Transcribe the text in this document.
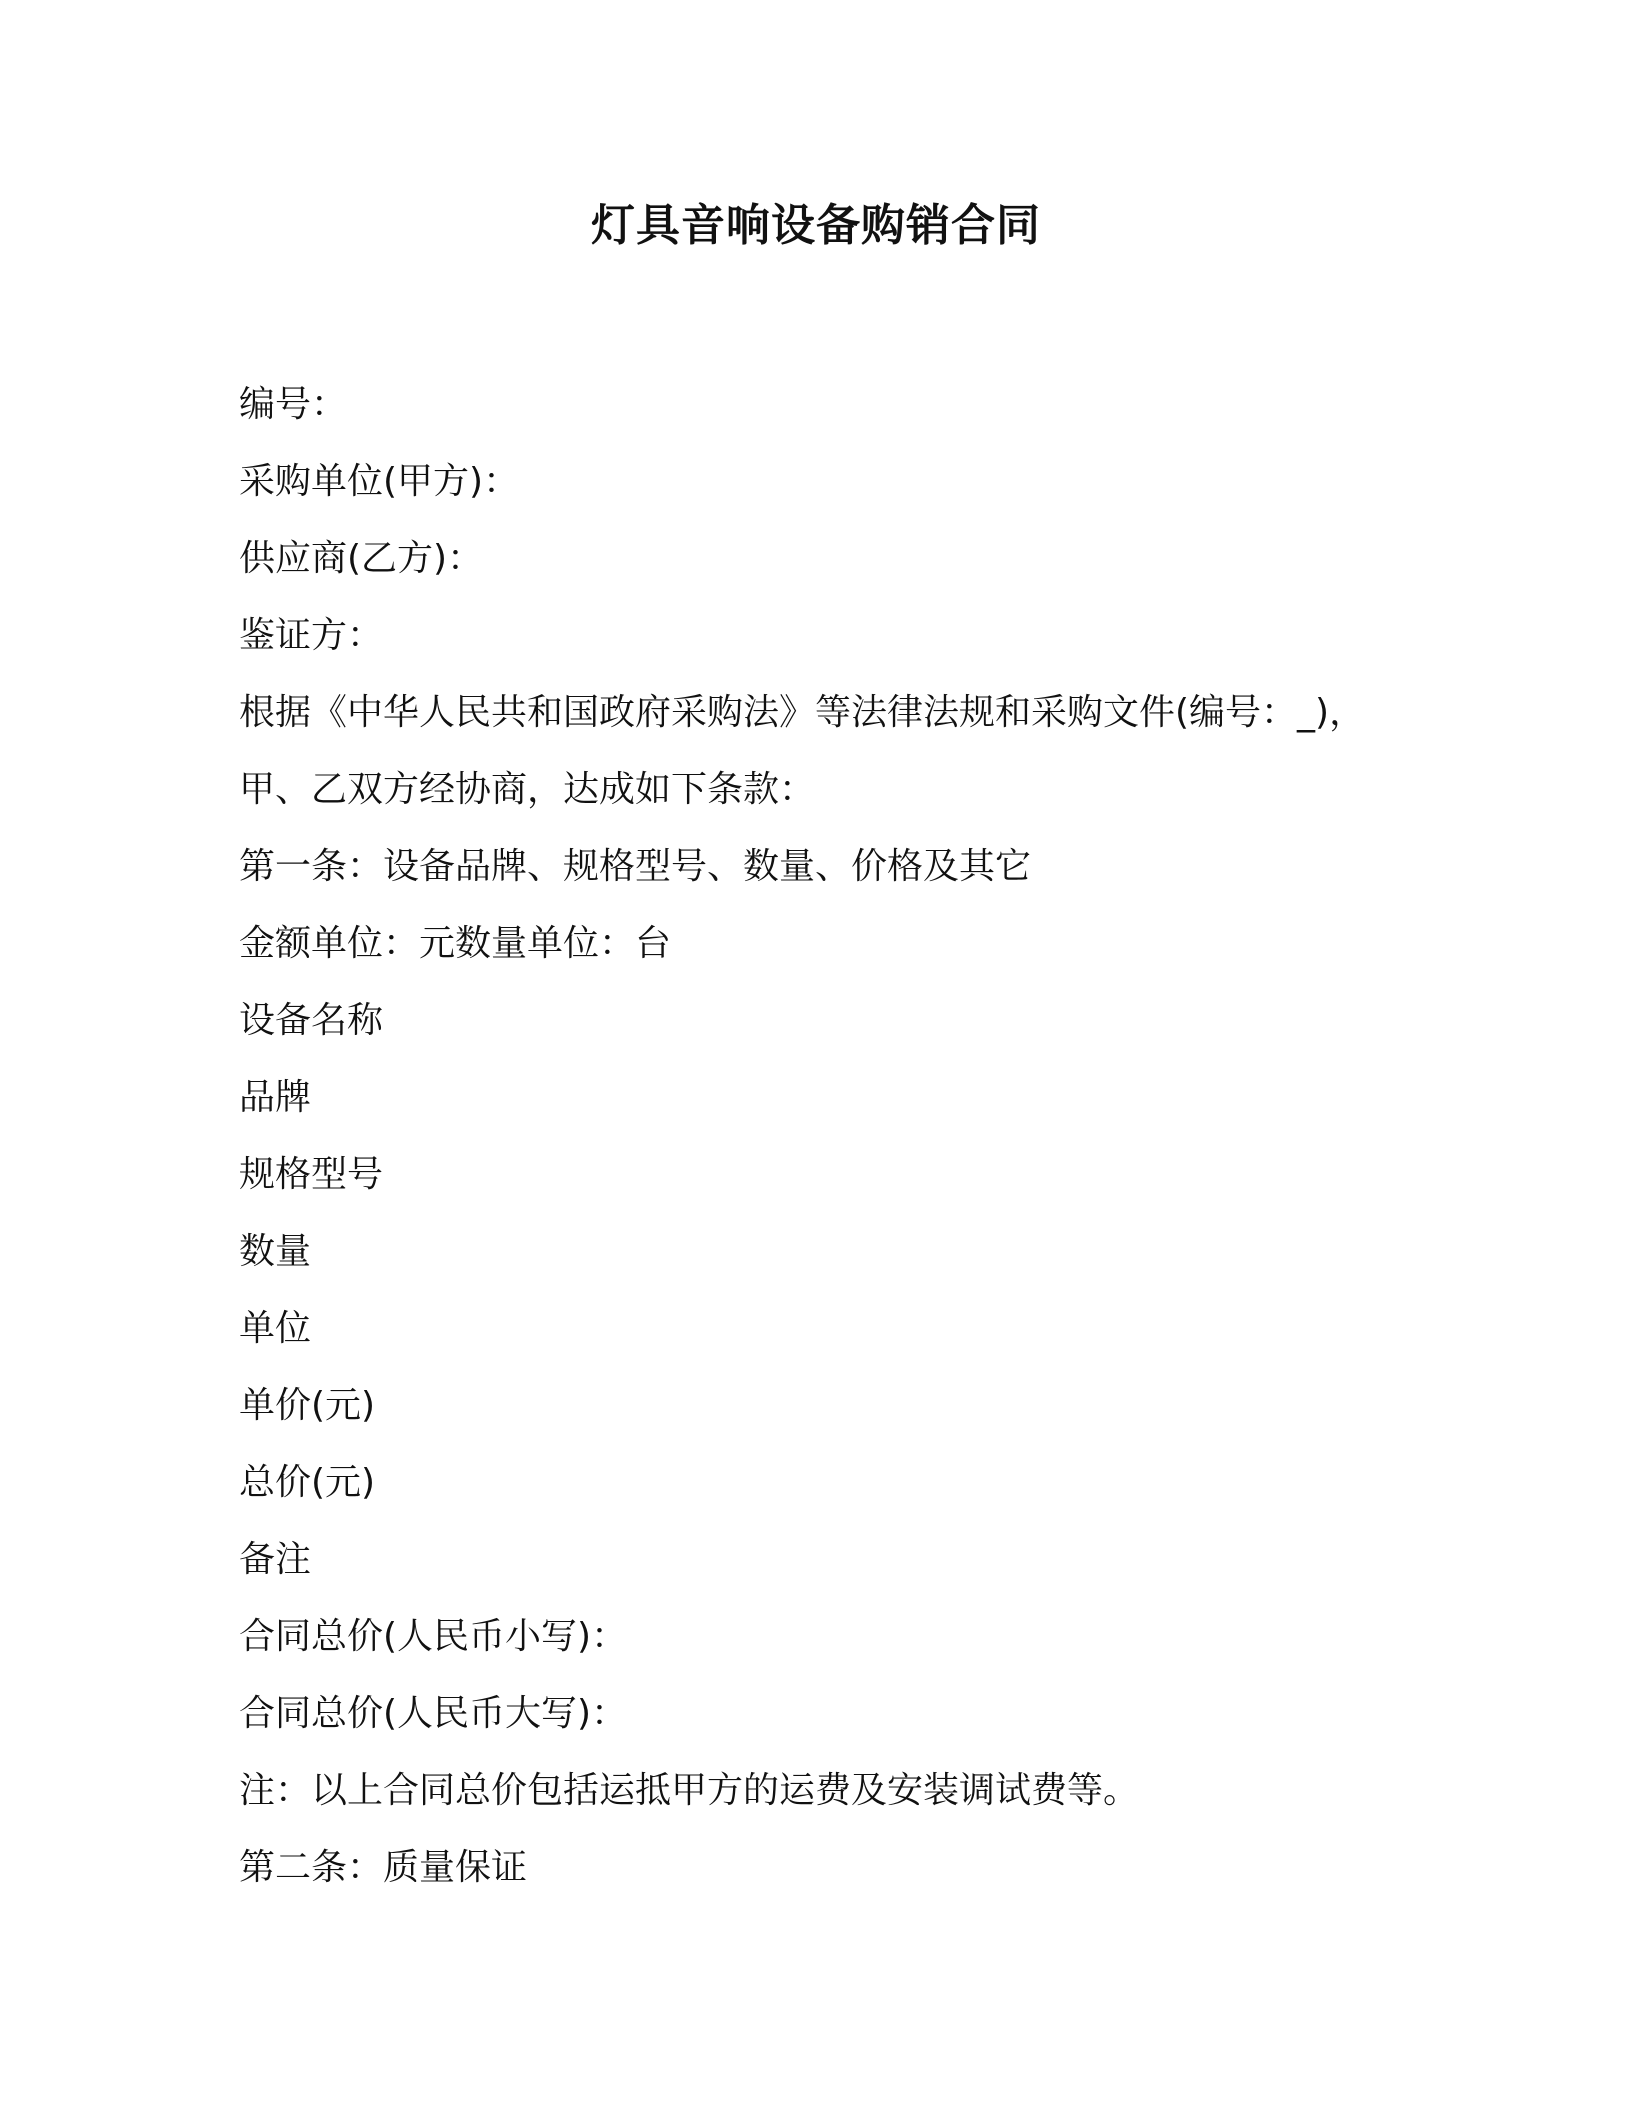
灯具音响设备购销合同

编号：

采购单位(甲方)：

供应商(乙方)：

鉴证方：

根据《中华人民共和国政府采购法》等法律法规和采购文件(编号：_)，

甲、乙双方经协商，达成如下条款：

第一条：设备品牌、规格型号、数量、价格及其它

金额单位：元数量单位：台

设备名称

品牌

规格型号

数量

单位

单价(元)

总价(元)

备注

合同总价(人民币小写)：

合同总价(人民币大写)：

注：以上合同总价包括运抵甲方的运费及安装调试费等。

第二条：质量保证
